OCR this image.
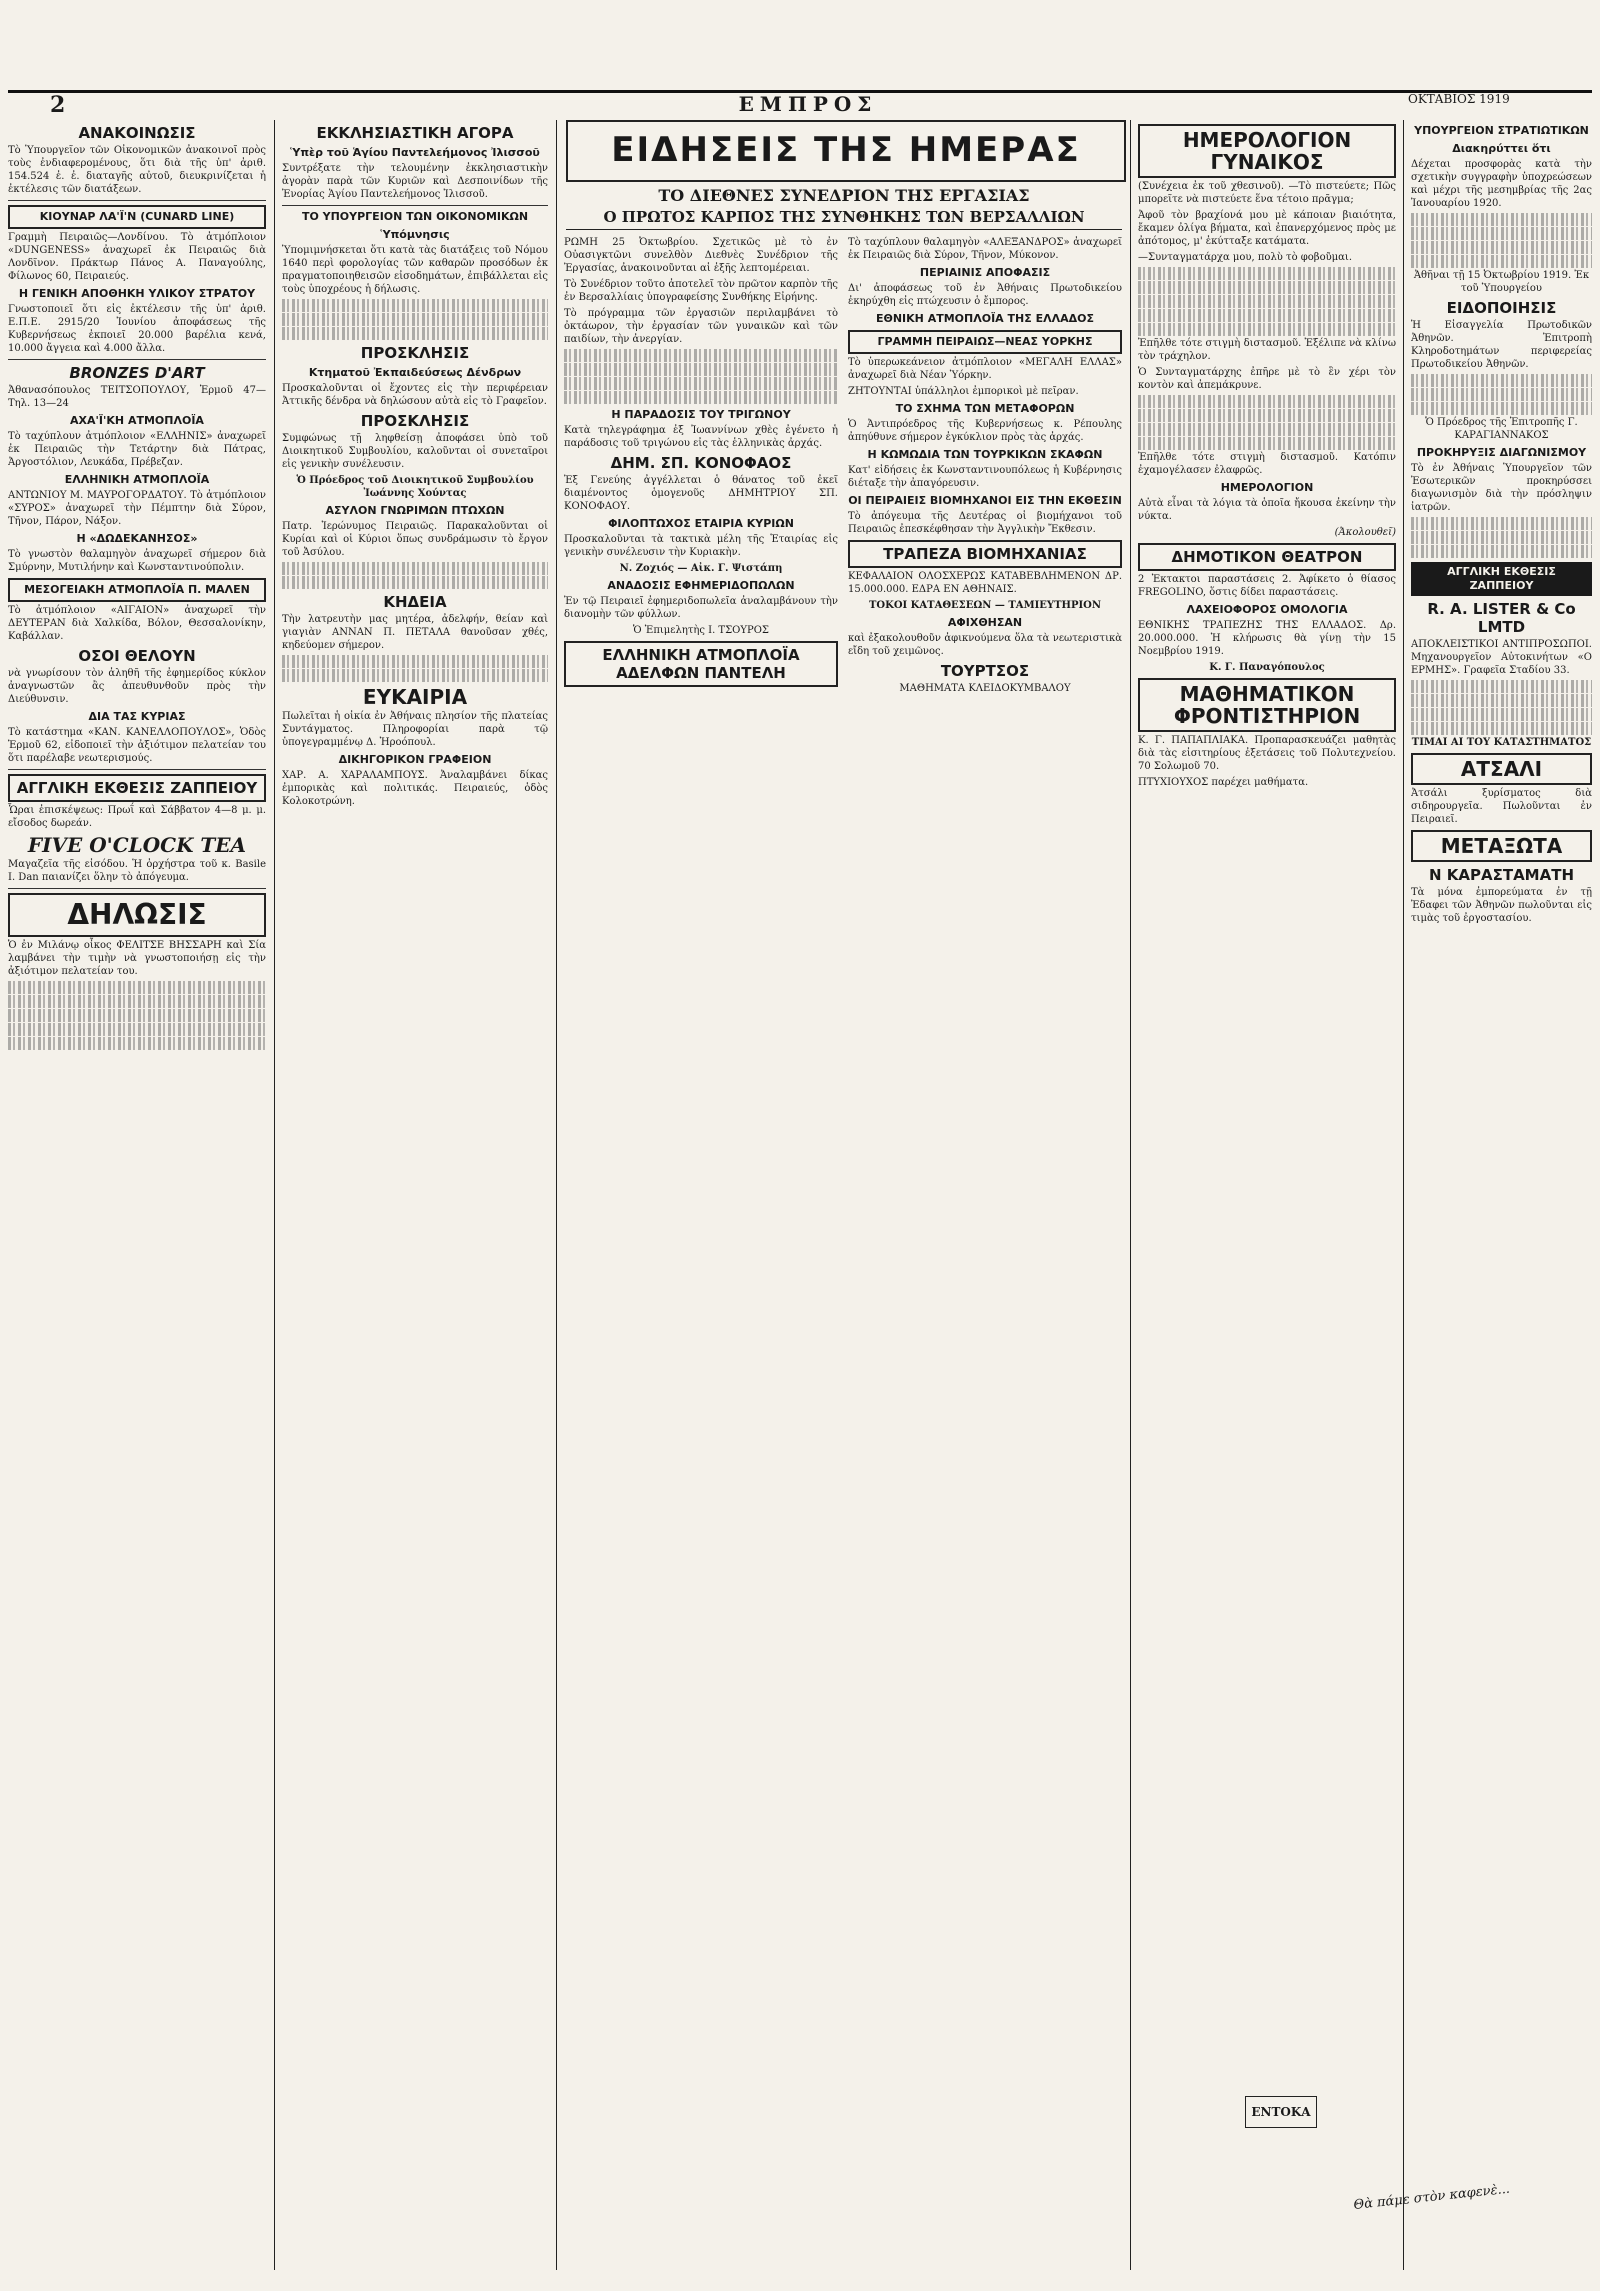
2	ΕΜΠΡΟΣ	ΟΚΤΑΒΙΟΣ 1919
ΑΝΑΚΟΙΝΩΣΙΣ

Τὸ Ὑπουργεῖον τῶν Οἰκονομικῶν ἀνακοινοῖ πρὸς τοὺς ἐνδιαφερομένους, ὅτι διὰ τῆς ὑπ' ἀριθ. 154.524 ἐ. ἐ. διαταγῆς αὐτοῦ, διευκρινίζεται ἡ ἐκτέλεσις τῶν διατάξεων.

ΚΙΟΥΝΑΡ ΛΑ'Ϊ'Ν (CUNARD LINE)

Γραμμὴ Πειραιῶς—Λονδίνου. Τὸ ἀτμόπλοιον «DUNGENESS» ἀναχωρεῖ ἐκ Πειραιῶς διὰ Λονδῖνον. Πράκτωρ Πάνος Α. Παναγούλης, Φίλωνος 60, Πειραιεύς.

Η ΓΕΝΙΚΗ ΑΠΟΘΗΚΗ ΥΛΙΚΟΥ ΣΤΡΑΤΟΥ

Γνωστοποιεῖ ὅτι εἰς ἐκτέλεσιν τῆς ὑπ' ἀριθ. Ε.Π.Ε. 2915/20 Ἰουνίου ἀποφάσεως τῆς Κυβερνήσεως ἐκποιεῖ 20.000 βαρέλια κενά, 10.000 ἄγγεια καὶ 4.000 ἄλλα.

BRONZES D'ART

Ἀθανασόπουλος ΤΕΙΤΣΟΠΟΥΛΟΥ, Ἑρμοῦ 47—Τηλ. 13—24

ΑΧΑ'Ϊ'ΚΗ ΑΤΜΟΠΛΟΪΑ

Τὸ ταχύπλουν ἀτμόπλοιον «ΕΛΛΗΝΙΣ» ἀναχωρεῖ ἐκ Πειραιῶς τὴν Τετάρτην διὰ Πάτρας, Ἀργοστόλιον, Λευκάδα, Πρέβεζαν.

ΕΛΛΗΝΙΚΗ ΑΤΜΟΠΛΟΪΑ

ΑΝΤΩΝΙΟΥ Μ. ΜΑΥΡΟΓΟΡΔΑΤΟΥ. Τὸ ἀτμόπλοιον «ΣΥΡΟΣ» ἀναχωρεῖ τὴν Πέμπτην διὰ Σύρον, Τῆνον, Πάρον, Νάξον.

Η «ΔΩΔΕΚΑΝΗΣΟΣ»

Τὸ γνωστὸν θαλαμηγὸν ἀναχωρεῖ σήμερον διὰ Σμύρνην, Μυτιλήνην καὶ Κωνσταντινούπολιν.

ΜΕΣΟΓΕΙΑΚΗ ΑΤΜΟΠΛΟΪΑ Π. ΜΑΛΕΝ

Τὸ ἀτμόπλοιον «ΑΙΓΑΙΟΝ» ἀναχωρεῖ τὴν ΔΕΥΤΕΡΑΝ διὰ Χαλκίδα, Βόλον, Θεσσαλονίκην, Καβάλλαν.

ΟΣΟΙ ΘΕΛΟΥΝ

νὰ γνωρίσουν τὸν ἀληθῆ τῆς ἐφημερίδος κύκλον ἀναγνωστῶν ἂς ἀπευθυνθοῦν πρὸς τὴν Διεύθυνσιν.

ΔΙΑ ΤΑΣ ΚΥΡΙΑΣ

Τὸ κατάστημα «ΚΑΝ. ΚΑΝΕΛΛΟΠΟΥΛΟΣ», Ὁδὸς Ἑρμοῦ 62, εἰδοποιεῖ τὴν ἀξιότιμον πελατείαν του ὅτι παρέλαβε νεωτερισμούς.

ΑΓΓΛΙΚΗ ΕΚΘΕΣΙΣ ΖΑΠΠΕΙΟΥ

Ὧραι ἐπισκέψεως: Πρωΐ καὶ Σάββατον 4—8 μ. μ. εἴσοδος δωρεάν.

FIVE O'CLOCK TEA

Μαγαζεῖα τῆς εἰσόδου. Ἡ ὀρχήστρα τοῦ κ. Basile I. Dan παιανίζει ὅλην τὸ ἀπόγευμα.

ΔΗΛΩΣΙΣ

Ὁ ἐν Μιλάνῳ οἶκος ΦΕΛΙΤΣΕ ΒΗΣΣΑΡΗ καὶ Σία λαμβάνει τὴν τιμὴν νὰ γνωστοποιήσῃ εἰς τὴν ἀξιότιμον πελατείαν του.

ΕΚΚΛΗΣΙΑΣΤΙΚΗ ΑΓΟΡΑ
Ὑπὲρ τοῦ Ἁγίου Παντελεήμονος Ἰλισσοῦ

Συντρέξατε τὴν τελουμένην ἐκκλησιαστικὴν ἀγορὰν παρὰ τῶν Κυριῶν καὶ Δεσποινίδων τῆς Ἐνορίας Ἁγίου Παντελεήμονος Ἰλισσοῦ.

ΤΟ ΥΠΟΥΡΓΕΙΟΝ ΤΩΝ ΟΙΚΟΝΟΜΙΚΩΝ
Ὑπόμνησις

Ὑπομιμνήσκεται ὅτι κατὰ τὰς διατάξεις τοῦ Νόμου 1640 περὶ φορολογίας τῶν καθαρῶν προσόδων ἐκ πραγματοποιηθεισῶν εἰσοδημάτων, ἐπιβάλλεται εἰς τοὺς ὑποχρέους ἡ δήλωσις.

ΠΡΟΣΚΛΗΣΙΣ
Κτηματοῦ Ἐκπαιδεύσεως Δένδρων

Προσκαλοῦνται οἱ ἔχοντες εἰς τὴν περιφέρειαν Ἀττικῆς δένδρα νὰ δηλώσουν αὐτὰ εἰς τὸ Γραφεῖον.

ΠΡΟΣΚΛΗΣΙΣ

Συμφώνως τῇ ληφθείσῃ ἀποφάσει ὑπὸ τοῦ Διοικητικοῦ Συμβουλίου, καλοῦνται οἱ συνεταῖροι εἰς γενικὴν συνέλευσιν.

Ὁ Πρόεδρος τοῦ Διοικητικοῦ Συμβουλίου Ἰωάννης Χούντας

ΑΣΥΛΟΝ ΓΝΩΡΙΜΩΝ ΠΤΩΧΩΝ

Πατρ. Ἱερώνυμος Πειραιῶς. Παρακαλοῦνται οἱ Κυρίαι καὶ οἱ Κύριοι ὅπως συνδράμωσιν τὸ ἔργον τοῦ Ἀσύλου.

ΚΗΔΕΙΑ

Τὴν λατρευτὴν μας μητέρα, ἀδελφήν, θείαν καὶ γιαγιὰν ΑΝΝΑΝ Π. ΠΕΤΑΛΑ θανοῦσαν χθές, κηδεύομεν σήμερον.

ΕΥΚΑΙΡΙΑ

Πωλεῖται ἡ οἰκία ἐν Ἀθήναις πλησίον τῆς πλατείας Συντάγματος. Πληροφορίαι παρὰ τῷ ὑπογεγραμμένῳ Δ. Ἠροόπουλ.

ΔΙΚΗΓΟΡΙΚΟΝ ΓΡΑΦΕΙΟΝ

ΧΑΡ. Α. ΧΑΡΑΛΑΜΠΟΥΣ. Ἀναλαμβάνει δίκας ἐμπορικὰς καὶ πολιτικάς. Πειραιεύς, ὁδὸς Κολοκοτρώνη.

ΕΙΔΗΣΕΙΣ ΤΗΣ ΗΜΕΡΑΣ
ΤΟ ΔΙΕΘΝΕΣ ΣΥΝΕΔΡΙΟΝ ΤΗΣ ΕΡΓΑΣΙΑΣ
Ο ΠΡΩΤΟΣ ΚΑΡΠΟΣ ΤΗΣ ΣΥΝΘΗΚΗΣ ΤΩΝ ΒΕΡΣΑΛΛΙΩΝ

ΡΩΜΗ 25 Ὀκτωβρίου. Σχετικῶς μὲ τὸ ἐν Οὐασιγκτῶνι συνελθὸν Διεθνὲς Συνέδριον τῆς Ἐργασίας, ἀνακοινοῦνται αἱ ἑξῆς λεπτομέρειαι.

Τὸ Συνέδριον τοῦτο ἀποτελεῖ τὸν πρῶτον καρπὸν τῆς ἐν Βερσαλλίαις ὑπογραφείσης Συνθήκης Εἰρήνης.

Τὸ πρόγραμμα τῶν ἐργασιῶν περιλαμβάνει τὸ ὀκτάωρον, τὴν ἐργασίαν τῶν γυναικῶν καὶ τῶν παιδίων, τὴν ἀνεργίαν.

Η ΠΑΡΑΔΟΣΙΣ ΤΟΥ ΤΡΙΓΩΝΟΥ

Κατὰ τηλεγράφημα ἐξ Ἰωαννίνων χθὲς ἐγένετο ἡ παράδοσις τοῦ τριγώνου εἰς τὰς ἑλληνικὰς ἀρχάς.

ΔΗΜ. ΣΠ. ΚΟΝΟΦΑΟΣ

Ἐξ Γενεύης ἀγγέλλεται ὁ θάνατος τοῦ ἐκεῖ διαμένοντος ὁμογενοῦς ΔΗΜΗΤΡΙΟΥ ΣΠ. ΚΟΝΟΦΑΟΥ.

ΦΙΛΟΠΤΩΧΟΣ ΕΤΑΙΡΙΑ ΚΥΡΙΩΝ

Προσκαλοῦνται τὰ τακτικὰ μέλη τῆς Ἑταιρίας εἰς γενικὴν συνέλευσιν τὴν Κυριακὴν.

Ν. Ζοχιός — Αἰκ. Γ. Ψιστάπη

ΑΝΑΔΟΣΙΣ ΕΦΗΜΕΡΙΔΟΠΩΛΩΝ

Ἐν τῷ Πειραιεῖ ἐφημεριδοπωλεῖα ἀναλαμβάνουν τὴν διανομὴν τῶν φύλλων.

Ὁ Ἐπιμελητὴς Ι. ΤΣΟΥΡΟΣ

ΕΛΛΗΝΙΚΗ ΑΤΜΟΠΛΟΪΑ ΑΔΕΛΦΩΝ ΠΑΝΤΕΛΗ

Τὸ ταχύπλουν θαλαμηγὸν «ΑΛΕΞΑΝΔΡΟΣ» ἀναχωρεῖ ἐκ Πειραιῶς διὰ Σύρον, Τῆνον, Μύκονον.

ΠΕΡΙΑΙΝΙΣ ΑΠΟΦΑΣΙΣ

Δι' ἀποφάσεως τοῦ ἐν Ἀθήναις Πρωτοδικείου ἐκηρύχθη εἰς πτώχευσιν ὁ ἔμπορος.

ΕΘΝΙΚΗ ΑΤΜΟΠΛΟΪΑ ΤΗΣ ΕΛΛΑΔΟΣ
ΓΡΑΜΜΗ ΠΕΙΡΑΙΩΣ—ΝΕΑΣ ΥΟΡΚΗΣ

Τὸ ὑπερωκεάνειον ἀτμόπλοιον «ΜΕΓΑΛΗ ΕΛΛΑΣ» ἀναχωρεῖ διὰ Νέαν Ὑόρκην.

ΖΗΤΟΥΝΤΑΙ ὑπάλληλοι ἐμπορικοὶ μὲ πεῖραν.

ΤΟ ΣΧΗΜΑ ΤΩΝ ΜΕΤΑΦΟΡΩΝ

Ὁ Ἀντιπρόεδρος τῆς Κυβερνήσεως κ. Ρέπουλης ἀπηύθυνε σήμερον ἐγκύκλιον πρὸς τὰς ἀρχάς.

Η ΚΩΜΩΔΙΑ ΤΩΝ ΤΟΥΡΚΙΚΩΝ ΣΚΑΦΩΝ

Κατ' εἰδήσεις ἐκ Κωνσταντινουπόλεως ἡ Κυβέρνησις διέταξε τὴν ἀπαγόρευσιν.

ΟΙ ΠΕΙΡΑΙΕΙΣ ΒΙΟΜΗΧΑΝΟΙ ΕΙΣ ΤΗΝ ΕΚΘΕΣΙΝ

Τὸ ἀπόγευμα τῆς Δευτέρας οἱ βιομήχανοι τοῦ Πειραιῶς ἐπεσκέφθησαν τὴν Ἀγγλικὴν Ἔκθεσιν.

ΤΡΑΠΕΖΑ ΒΙΟΜΗΧΑΝΙΑΣ

ΚΕΦΑΛΑΙΟΝ ΟΛΟΣΧΕΡΩΣ ΚΑΤΑΒΕΒΛΗΜΕΝΟΝ ΔΡ. 15.000.000. ΕΔΡΑ ΕΝ ΑΘΗΝΑΙΣ.

ΤΟΚΟΙ ΚΑΤΑΘΕΣΕΩΝ — ΤΑΜΙΕΥΤΗΡΙΟΝ

ΑΦΙΧΘΗΣΑΝ

καὶ ἐξακολουθοῦν ἀφικνούμενα ὅλα τὰ νεωτεριστικὰ εἴδη τοῦ χειμῶνος.

ΤΟΥΡΤΣΟΣ

ΜΑΘΗΜΑΤΑ ΚΛΕΙΔΟΚΥΜΒΑΛΟΥ

ΗΜΕΡΟΛΟΓΙΟΝ ΓΥΝΑΙΚΟΣ

(Συνέχεια ἐκ τοῦ χθεσινοῦ). —Τὸ πιστεύετε; Πῶς μπορεῖτε νὰ πιστεύετε ἕνα τέτοιο πρᾶγμα;

Ἀφοῦ τὸν βραχίονά μου μὲ κάποιαν βιαιότητα, ἔκαμεν ὀλίγα βήματα, καὶ ἐπανερχόμενος πρὸς με ἀπότομος, μ' ἐκύτταξε κατάματα.

—Συνταγματάρχα μου, πολὺ τὸ φοβοῦμαι.

Ἐπῆλθε τότε στιγμὴ διστασμοῦ. Ἐξέλιπε νὰ κλίνω τὸν τράχηλον.

Ὁ Συνταγματάρχης ἐπῆρε μὲ τὸ ἓν χέρι τὸν κοντὸν καὶ ἀπεμάκρυνε.

Ἐπῆλθε τότε στιγμὴ διστασμοῦ. Κατόπιν ἐχαμογέλασεν ἐλαφρῶς.

ΗΜΕΡΟΛΟΓΙΟΝ

Αὐτὰ εἶναι τὰ λόγια τὰ ὁποῖα ἤκουσα ἐκείνην τὴν νύκτα.

(Ἀκολουθεῖ)

ΔΗΜΟΤΙΚΟΝ ΘΕΑΤΡΟΝ

2 Ἐκτακτοι παραστάσεις 2. Ἀφίκετο ὁ θίασος FREGOLINO, ὅστις δίδει παραστάσεις.

ΛΑΧΕΙΟΦΟΡΟΣ ΟΜΟΛΟΓΙΑ

ΕΘΝΙΚΗΣ ΤΡΑΠΕΖΗΣ ΤΗΣ ΕΛΛΑΔΟΣ. Δρ. 20.000.000. Ἡ κλήρωσις θὰ γίνῃ τὴν 15 Νοεμβρίου 1919.

Κ. Γ. Παναγόπουλος

ΜΑΘΗΜΑΤΙΚΟΝ ΦΡΟΝΤΙΣΤΗΡΙΟΝ

Κ. Γ. ΠΑΠΑΠΛΙΑΚΑ. Προπαρασκευάζει μαθητὰς διὰ τὰς εἰσιτηρίους ἐξετάσεις τοῦ Πολυτεχνείου. 70 Σολωμοῦ 70.

ΠΤΥΧΙΟΥΧΟΣ παρέχει μαθήματα.

ΥΠΟΥΡΓΕΙΟΝ ΣΤΡΑΤΙΩΤΙΚΩΝ
Διακηρύττει ὅτι

Δέχεται προσφορὰς κατὰ τὴν σχετικὴν συγγραφὴν ὑποχρεώσεων καὶ μέχρι τῆς μεσημβρίας τῆς 2ας Ἰανουαρίου 1920.

Ἀθῆναι τῇ 15 Ὀκτωβρίου 1919. Ἐκ τοῦ Ὑπουργείου

ΕΙΔΟΠΟΙΗΣΙΣ

Ἡ Εἰσαγγελία Πρωτοδικῶν Ἀθηνῶν. Ἐπιτροπὴ Κληροδοτημάτων περιφερείας Πρωτοδικείου Ἀθηνῶν.

Ὁ Πρόεδρος τῆς Ἐπιτροπῆς Γ. ΚΑΡΑΓΙΑΝΝΑΚΟΣ

ΠΡΟΚΗΡΥΞΙΣ ΔΙΑΓΩΝΙΣΜΟΥ

Τὸ ἐν Ἀθήναις Ὑπουργεῖον τῶν Ἐσωτερικῶν προκηρύσσει διαγωνισμὸν διὰ τὴν πρόσληψιν ἰατρῶν.

ΑΓΓΛΙΚΗ ΕΚΘΕΣΙΣ ΖΑΠΠΕΙΟΥ
R. A. LISTER & Co LMTD

ΑΠΟΚΛΕΙΣΤΙΚΟΙ ΑΝΤΙΠΡΟΣΩΠΟΙ. Μηχανουργεῖον Αὐτοκινήτων «Ο ΕΡΜΗΣ». Γραφεῖα Σταδίου 33.

ΤΙΜΑΙ ΑΙ ΤΟΥ ΚΑΤΑΣΤΗΜΑΤΟΣ

ΑΤΣΑΛΙ

Ἀτσάλι ξυρίσματος διὰ σιδηρουργεῖα. Πωλοῦνται ἐν Πειραιεῖ.

ΜΕΤΑΞΩΤΑ
Ν ΚΑΡΑΣΤΑΜΑΤΗ

Τὰ μόνα ἐμπορεύματα ἐν τῇ Ἐδαφει τῶν Ἀθηνῶν πωλοῦνται εἰς τιμὰς τοῦ ἐργοστασίου.

ΕΝΤΟΚΑ
Θὰ πάμε στὸν καφενὲ...
